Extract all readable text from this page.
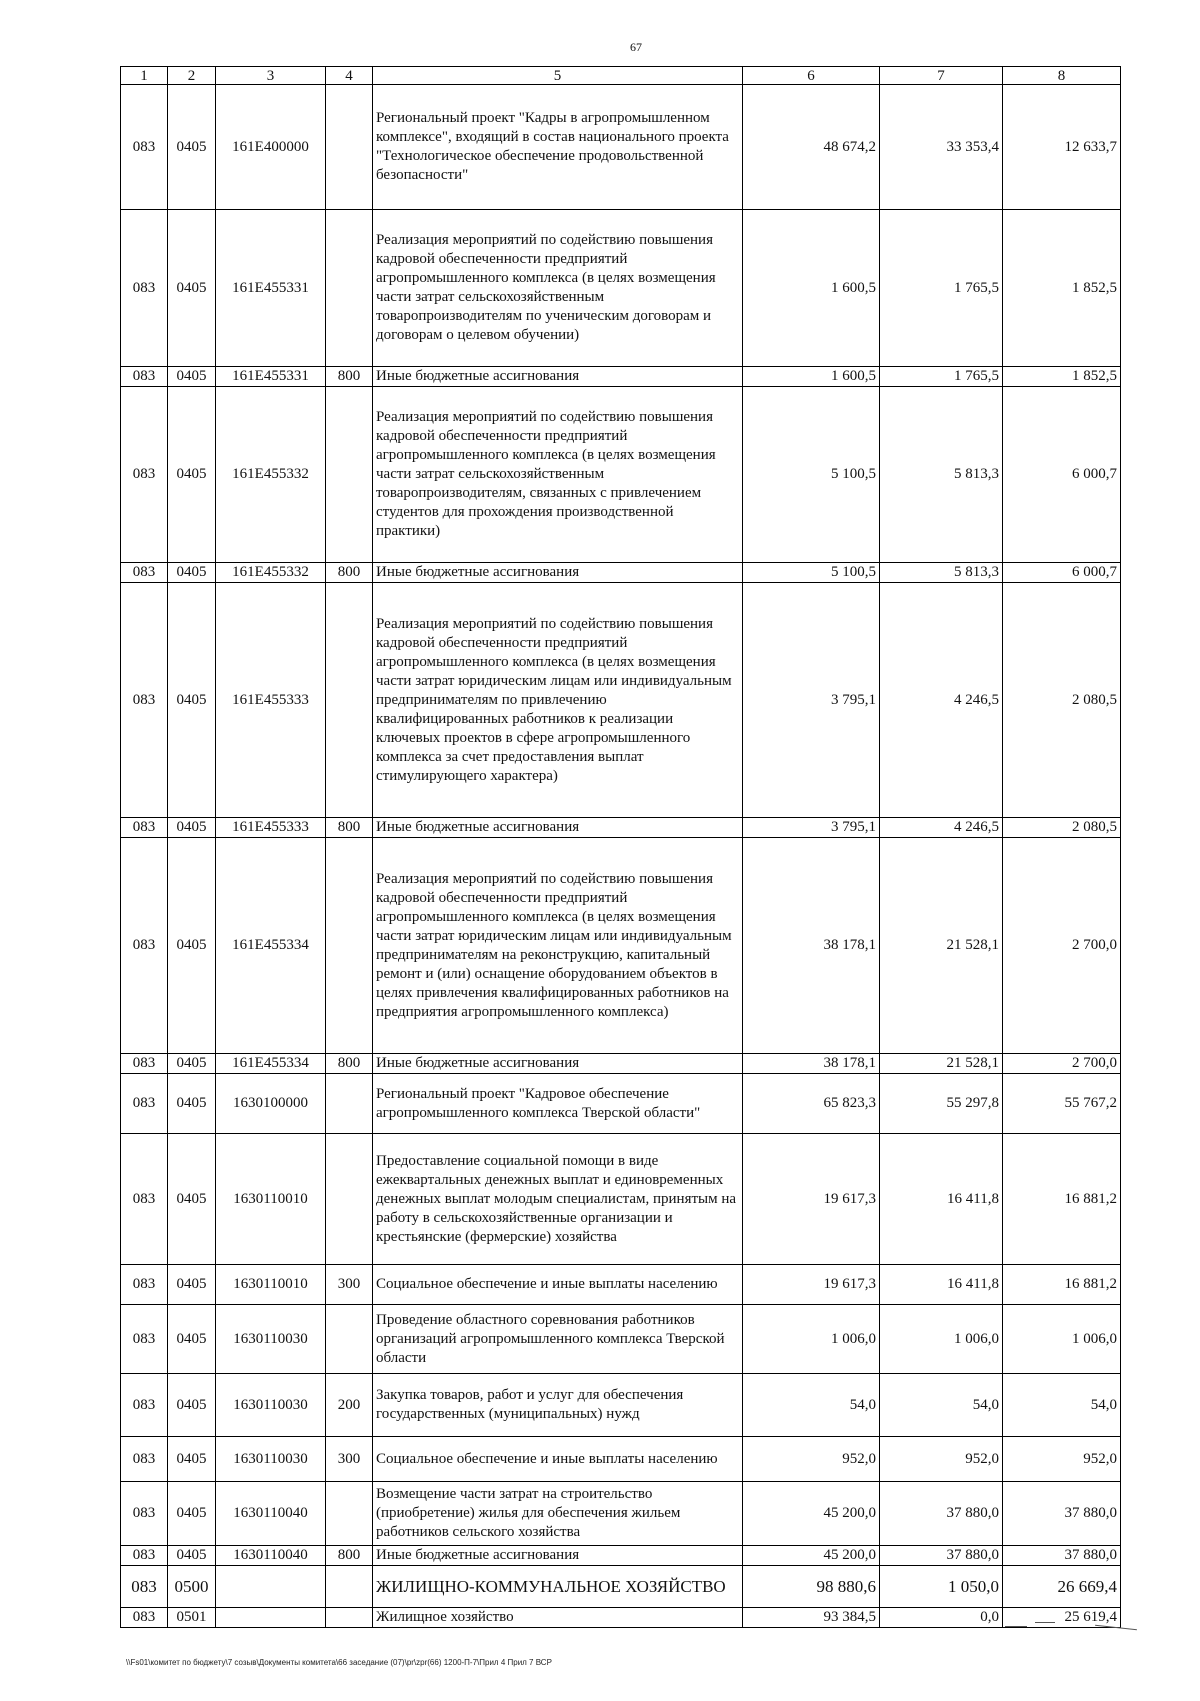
67
1	2	3	4	5	6	7	8
083	0405	161E400000		Региональный проект "Кадры в агропромышленном комплексе", входящий в состав национального проекта "Технологическое обеспечение продовольственной безопасности"	48 674,2	33 353,4	12 633,7
083	0405	161E455331		Реализация мероприятий по содействию повышения кадровой обеспеченности предприятий агропромышленного комплекса (в целях возмещения части затрат сельскохозяйственным товаропроизводителям по ученическим договорам и договорам о целевом обучении)	1 600,5	1 765,5	1 852,5
083	0405	161E455331	800	Иные бюджетные ассигнования	1 600,5	1 765,5	1 852,5
083	0405	161E455332		Реализация мероприятий по содействию повышения кадровой обеспеченности предприятий агропромышленного комплекса (в целях возмещения части затрат сельскохозяйственным товаропроизводителям, связанных с привлечением студентов для прохождения производственной практики)	5 100,5	5 813,3	6 000,7
083	0405	161E455332	800	Иные бюджетные ассигнования	5 100,5	5 813,3	6 000,7
083	0405	161E455333		Реализация мероприятий по содействию повышения кадровой обеспеченности предприятий агропромышленного комплекса (в целях возмещения части затрат юридическим лицам или индивидуальным предпринимателям по привлечению квалифицированных работников к реализации ключевых проектов в сфере агропромышленного комплекса за счет предоставления выплат стимулирующего характера)	3 795,1	4 246,5	2 080,5
083	0405	161E455333	800	Иные бюджетные ассигнования	3 795,1	4 246,5	2 080,5
083	0405	161E455334		Реализация мероприятий по содействию повышения кадровой обеспеченности предприятий агропромышленного комплекса (в целях возмещения части затрат юридическим лицам или индивидуальным предпринимателям на реконструкцию, капитальный ремонт и (или) оснащение оборудованием объектов в целях привлечения квалифицированных работников на предприятия агропромышленного комплекса)	38 178,1	21 528,1	2 700,0
083	0405	161E455334	800	Иные бюджетные ассигнования	38 178,1	21 528,1	2 700,0
083	0405	1630100000		Региональный проект "Кадровое обеспечение агропромышленного комплекса Тверской области"	65 823,3	55 297,8	55 767,2
083	0405	1630110010		Предоставление социальной помощи в виде ежеквартальных денежных выплат и единовременных денежных выплат молодым специалистам, принятым на работу в сельскохозяйственные организации и крестьянские (фермерские) хозяйства	19 617,3	16 411,8	16 881,2
083	0405	1630110010	300	Социальное обеспечение и иные выплаты населению	19 617,3	16 411,8	16 881,2
083	0405	1630110030		Проведение областного соревнования работников организаций агропромышленного комплекса Тверской области	1 006,0	1 006,0	1 006,0
083	0405	1630110030	200	Закупка товаров, работ и услуг для обеспечения государственных (муниципальных) нужд	54,0	54,0	54,0
083	0405	1630110030	300	Социальное обеспечение и иные выплаты населению	952,0	952,0	952,0
083	0405	1630110040		Возмещение части затрат на строительство (приобретение) жилья для обеспечения жильем работников сельского хозяйства	45 200,0	37 880,0	37 880,0
083	0405	1630110040	800	Иные бюджетные ассигнования	45 200,0	37 880,0	37 880,0
083	0500			ЖИЛИЩНО-КОММУНАЛЬНОЕ ХОЗЯЙСТВО	98 880,6	1 050,0	26 669,4
083	0501			Жилищное хозяйство	93 384,5	0,0	25 619,4
\\Fs01\комитет по бюджету\7 созыв\Документы комитета\66 заседание (07)\pr\zpr(66) 1200-П-7\Прил 4 Прил 7 ВСР
